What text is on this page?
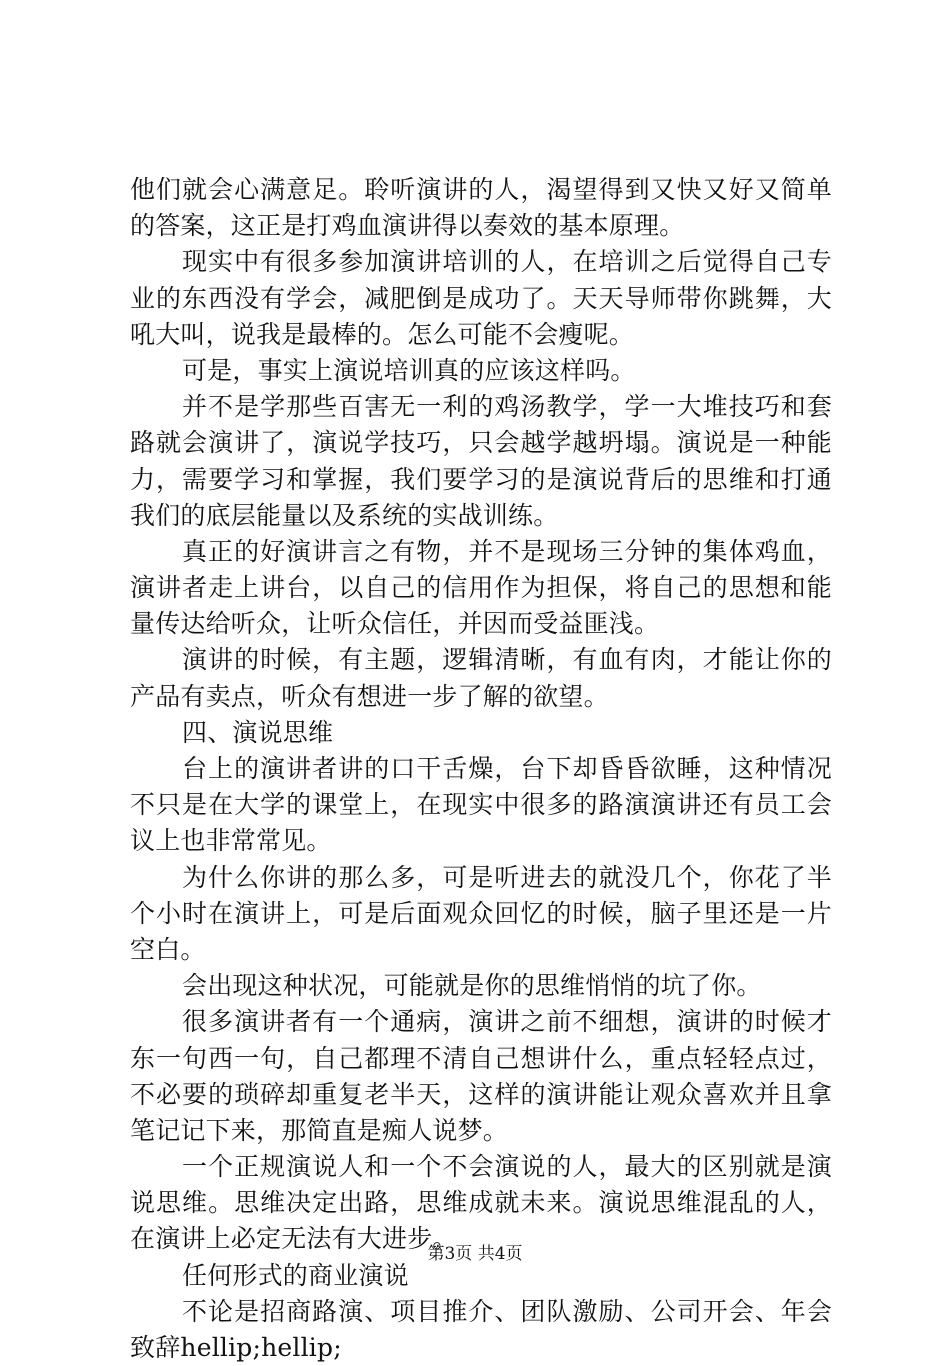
他们就会心满意足。聆听演讲的人，渴望得到又快又好又简单
的答案，这正是打鸡血演讲得以奏效的基本原理。
现实中有很多参加演讲培训的人，在培训之后觉得自己专
业的东西没有学会，减肥倒是成功了。天天导师带你跳舞，大
吼大叫，说我是最棒的。怎么可能不会瘦呢。
可是，事实上演说培训真的应该这样吗。
并不是学那些百害无一利的鸡汤教学，学一大堆技巧和套
路就会演讲了，演说学技巧，只会越学越坍塌。演说是一种能
力，需要学习和掌握，我们要学习的是演说背后的思维和打通
我们的底层能量以及系统的实战训练。
真正的好演讲言之有物，并不是现场三分钟的集体鸡血，
演讲者走上讲台，以自己的信用作为担保，将自己的思想和能
量传达给听众，让听众信任，并因而受益匪浅。
演讲的时候，有主题，逻辑清晰，有血有肉，才能让你的
产品有卖点，听众有想进一步了解的欲望。
四、演说思维
台上的演讲者讲的口干舌燥，台下却昏昏欲睡，这种情况
不只是在大学的课堂上，在现实中很多的路演演讲还有员工会
议上也非常常见。
为什么你讲的那么多，可是听进去的就没几个，你花了半
个小时在演讲上，可是后面观众回忆的时候，脑子里还是一片
空白。
会出现这种状况，可能就是你的思维悄悄的坑了你。
很多演讲者有一个通病，演讲之前不细想，演讲的时候才
东一句西一句，自己都理不清自己想讲什么，重点轻轻点过，
不必要的琐碎却重复老半天，这样的演讲能让观众喜欢并且拿
笔记记下来，那简直是痴人说梦。
一个正规演说人和一个不会演说的人，最大的区别就是演
说思维。思维决定出路，思维成就未来。演说思维混乱的人，
在演讲上必定无法有大进步。
任何形式的商业演说
不论是招商路演、项目推介、团队激励、公司开会、年会
致辞hellip;hellip;
第3页 共4页
